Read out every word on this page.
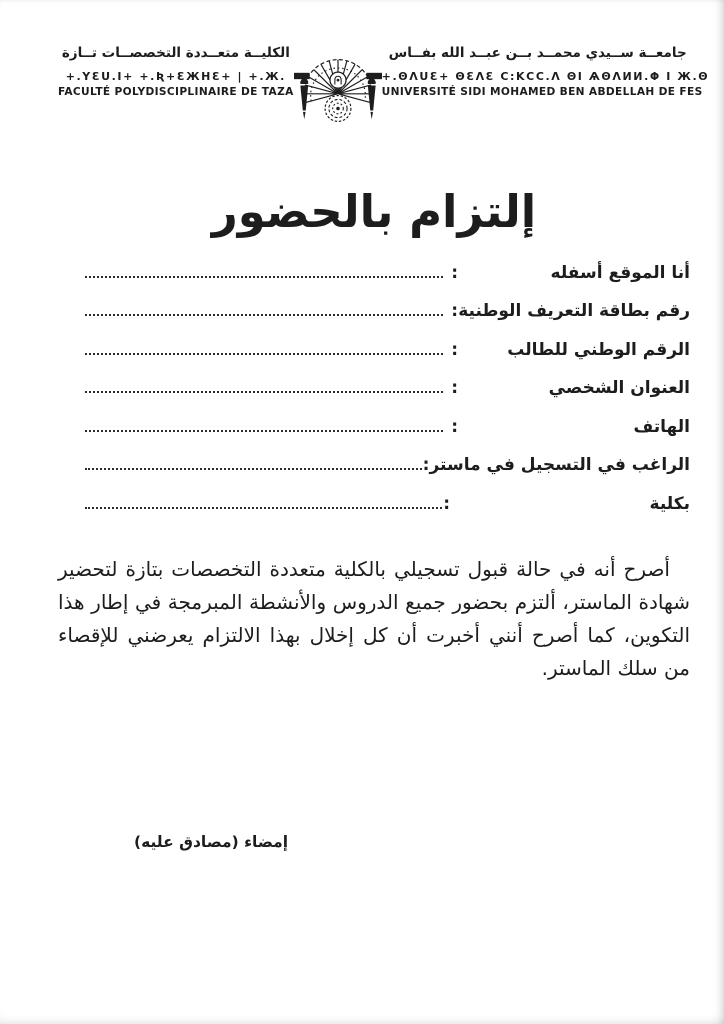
الكليــة متعــددة التخصصــات تــازة
+.YƐU.I+ +.Ʀ+ƐЖHƐ+ | +.Ж.
FACULTÉ POLYDISCIPLINAIRE DE TAZA
جامعــة ســيدي محمــد بــن عبــد الله بفــاس
+.ΘΛUƐ+ ΘƐΛƐ C:ΚCC.Λ ΘΙ ѦΘΛИИ.Φ Ι Ж.Θ
UNIVERSITÉ SIDI MOHAMED BEN ABDELLAH DE FES
إلتزام بالحضور
أنا الموقع أسفله
:
رقم بطاقة التعريف الوطنية
:
الرقم الوطني للطالب
:
العنوان الشخصي
:
الهاتف
:
الراغب في التسجيل في ماستر
:
بكلية
:

أصرح أنه في حالة قبول تسجيلي بالكلية متعددة التخصصات بتازة لتحضير شهادة الماستر، ألتزم بحضور جميع الدروس والأنشطة المبرمجة في إطار هذا التكوين، كما أصرح أنني أخبرت أن كل إخلال بهذا الالتزام يعرضني للإقصاء من سلك الماستر.

إمضاء (مصادق عليه)
